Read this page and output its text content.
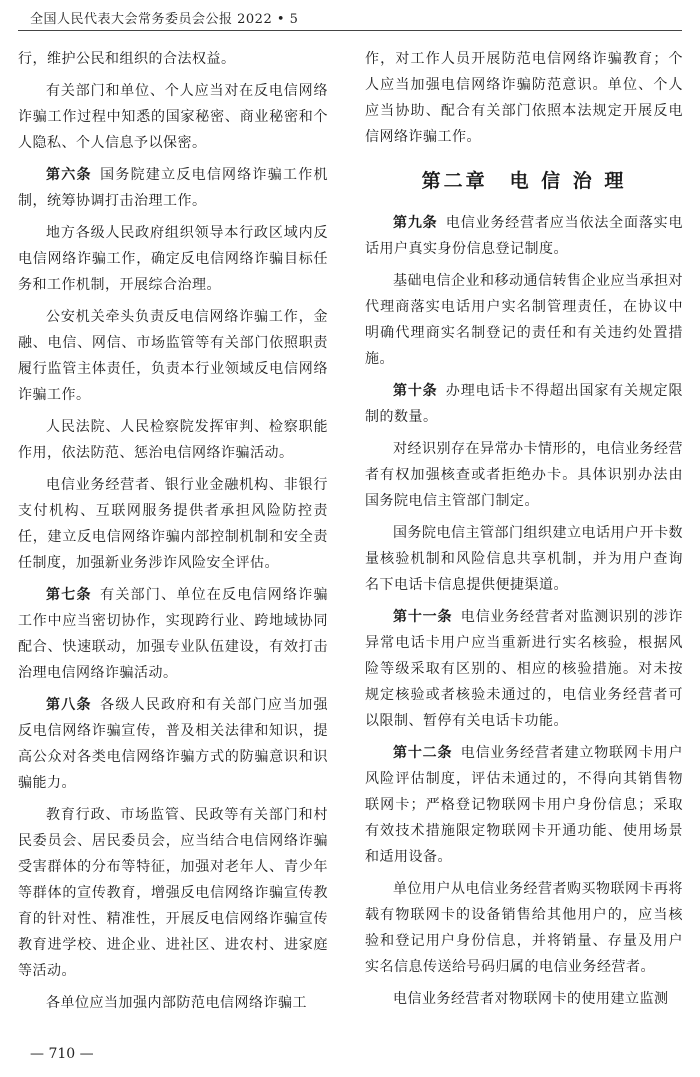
全国人民代表大会常务委员会公报 2022 • 5

行，维护公民和组织的合法权益。

有关部门和单位、个人应当对在反电信网络诈骗工作过程中知悉的国家秘密、商业秘密和个人隐私、个人信息予以保密。

第六条 国务院建立反电信网络诈骗工作机制，统筹协调打击治理工作。

地方各级人民政府组织领导本行政区域内反电信网络诈骗工作，确定反电信网络诈骗目标任务和工作机制，开展综合治理。

公安机关牵头负责反电信网络诈骗工作，金融、电信、网信、市场监管等有关部门依照职责履行监管主体责任，负责本行业领域反电信网络诈骗工作。

人民法院、人民检察院发挥审判、检察职能作用，依法防范、惩治电信网络诈骗活动。

电信业务经营者、银行业金融机构、非银行支付机构、互联网服务提供者承担风险防控责任，建立反电信网络诈骗内部控制机制和安全责任制度，加强新业务涉诈风险安全评估。

第七条 有关部门、单位在反电信网络诈骗工作中应当密切协作，实现跨行业、跨地域协同配合、快速联动，加强专业队伍建设，有效打击治理电信网络诈骗活动。

第八条 各级人民政府和有关部门应当加强反电信网络诈骗宣传，普及相关法律和知识，提高公众对各类电信网络诈骗方式的防骗意识和识骗能力。

教育行政、市场监管、民政等有关部门和村民委员会、居民委员会，应当结合电信网络诈骗受害群体的分布等特征，加强对老年人、青少年等群体的宣传教育，增强反电信网络诈骗宣传教育的针对性、精准性，开展反电信网络诈骗宣传教育进学校、进企业、进社区、进农村、进家庭等活动。

各单位应当加强内部防范电信网络诈骗工

作，对工作人员开展防范电信网络诈骗教育；个人应当加强电信网络诈骗防范意识。单位、个人应当协助、配合有关部门依照本法规定开展反电信网络诈骗工作。

第二章　电 信 治 理

第九条 电信业务经营者应当依法全面落实电话用户真实身份信息登记制度。

基础电信企业和移动通信转售企业应当承担对代理商落实电话用户实名制管理责任，在协议中明确代理商实名制登记的责任和有关违约处置措施。

第十条 办理电话卡不得超出国家有关规定限制的数量。

对经识别存在异常办卡情形的，电信业务经营者有权加强核查或者拒绝办卡。具体识别办法由国务院电信主管部门制定。

国务院电信主管部门组织建立电话用户开卡数量核验机制和风险信息共享机制，并为用户查询名下电话卡信息提供便捷渠道。

第十一条 电信业务经营者对监测识别的涉诈异常电话卡用户应当重新进行实名核验，根据风险等级采取有区别的、相应的核验措施。对未按规定核验或者核验未通过的，电信业务经营者可以限制、暂停有关电话卡功能。

第十二条 电信业务经营者建立物联网卡用户风险评估制度，评估未通过的，不得向其销售物联网卡；严格登记物联网卡用户身份信息；采取有效技术措施限定物联网卡开通功能、使用场景和适用设备。

单位用户从电信业务经营者购买物联网卡再将载有物联网卡的设备销售给其他用户的，应当核验和登记用户身份信息，并将销量、存量及用户实名信息传送给号码归属的电信业务经营者。

电信业务经营者对物联网卡的使用建立监测

— 710 —
